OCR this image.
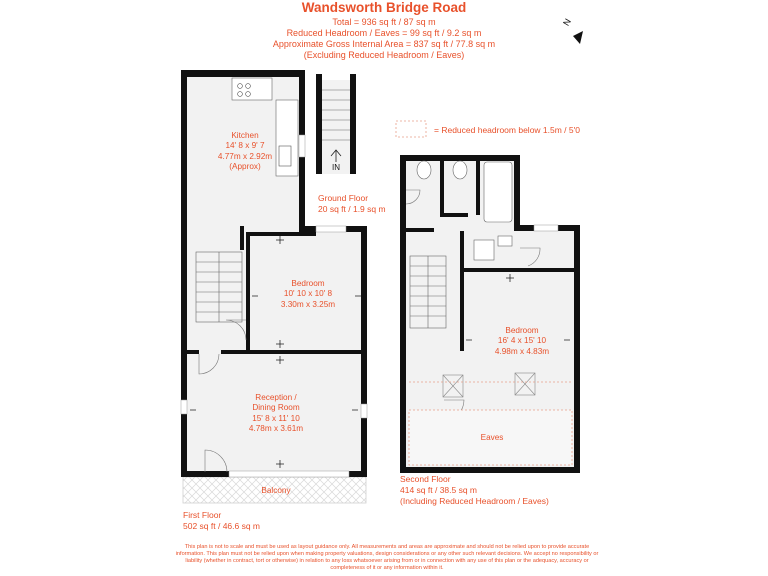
Wandsworth Bridge Road
Total = 936 sq ft / 87 sq m
Reduced Headroom / Eaves = 99 sq ft / 9.2 sq m
Approximate Gross Internal Area = 837 sq ft / 77.8 sq m
(Excluding Reduced Headroom / Eaves)
N
= Reduced headroom below 1.5m / 5'0
Kitchen
14' 8 x 9' 7
4.77m x 2.92m
(Approx)
Bedroom
10' 10 x 10' 8
3.30m x 3.25m
Reception /
Dining Room
15' 8 x 11' 10
4.78m x 3.61m
Balcony
IN
Ground Floor
20 sq ft / 1.9 sq m
Bedroom
16' 4 x 15' 10
4.98m x 4.83m
Eaves
First Floor
502 sq ft / 46.6 sq m
Second Floor
414 sq ft / 38.5 sq m
(Including Reduced Headroom / Eaves)
This plan is not to scale and must be used as layout guidance only. All measurements and areas are approximate and should not be relied upon to provide accurate information. This plan must not be relied upon when making property valuations, design considerations or any other such relevant decisions. We accept no responsibility or liability (whether in contract, tort or otherwise) in relation to any loss whatsoever arising from or in connection with any use of this plan or the adequacy, accuracy or completeness of it or any information within it.
